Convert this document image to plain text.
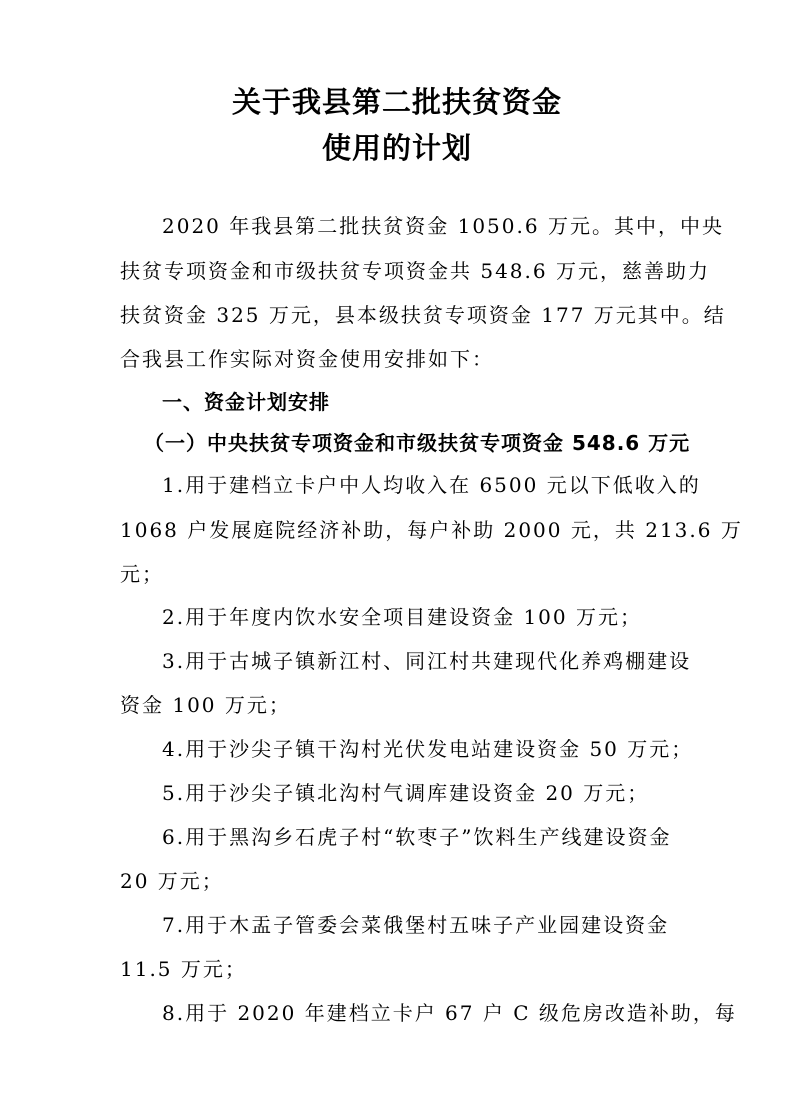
关于我县第二批扶贫资金
使用的计划
2020 年我县第二批扶贫资金 1050.6 万元。其中，中央
扶贫专项资金和市级扶贫专项资金共 548.6 万元，慈善助力
扶贫资金 325 万元，县本级扶贫专项资金 177 万元其中。结
合我县工作实际对资金使用安排如下：
一、资金计划安排
（一）中央扶贫专项资金和市级扶贫专项资金 548.6 万元
1.用于建档立卡户中人均收入在 6500 元以下低收入的
1068 户发展庭院经济补助，每户补助 2000 元，共 213.6 万
元；
2.用于年度内饮水安全项目建设资金 100 万元；
3.用于古城子镇新江村、同江村共建现代化养鸡棚建设
资金 100 万元；
4.用于沙尖子镇干沟村光伏发电站建设资金 50 万元；
5.用于沙尖子镇北沟村气调库建设资金 20 万元；
6.用于黑沟乡石虎子村“软枣子”饮料生产线建设资金
20 万元；
7.用于木盂子管委会菜俄堡村五味子产业园建设资金
11.5 万元；
8.用于 2020 年建档立卡户 67 户 C 级危房改造补助，每
